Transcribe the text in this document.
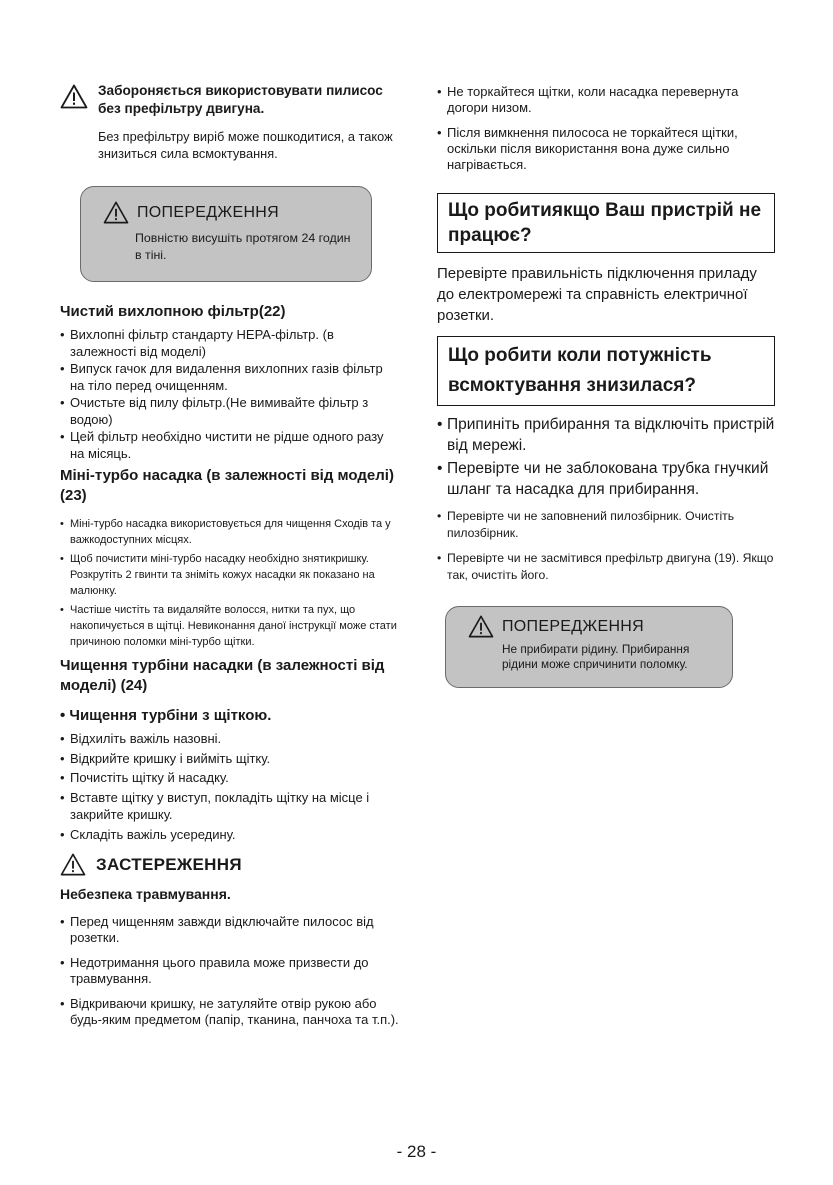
Забороняється використовувати пилисос без префільтру двигуна.
Без префільтру виріб може пошкодитися, а також знизиться сила всмоктування.
ПОПЕРЕДЖЕННЯ
Повністю висушіть протягом 24 годин в тіні.
Чистий вихлопною фільтр(22)
• Вихлопні фільтр стандарту HEPA-фільтр. (в залежності від моделі)
• Випуск гачок для видалення вихлопних газів фільтр на тіло перед очищенням.
• Очистьте від пилу фільтр.(Не вимивайте фільтр з водою)
• Цей фільтр необхідно чистити не рідше одного разу на місяць.
Міні-турбо насадка (в залежності від моделі) (23)
• Міні-турбо насадка використовується для чищення Сходів та у важкодоступних місцях.
• Щоб почистити міні-турбо насадку необхідно знятикришку. Розкрутіть 2 гвинти та зніміть кожух насадки як показано на малюнку.
• Частіше чистіть та видаляйте волосся, нитки та пух, що накопичується в щітці. Невиконання даної інструкції може стати причиною поломки міні-турбо щітки.
Чищення турбіни насадки (в залежності від моделі) (24)
• Чищення турбіни з щіткою.
• Відхиліть важіль назовні.
• Відкрийте кришку і вийміть щітку.
• Почистіть щітку й насадку.
• Вставте щітку у виступ, покладіть щітку на місце і закрийте кришку.
• Складіть важіль усередину.
ЗАСТЕРЕЖЕННЯ
Небезпека травмування.
• Перед чищенням завжди відключайте пилосос від розетки.
• Недотримання цього правила може призвести до травмування.
• Відкриваючи кришку, не затуляйте отвір рукою або будь-яким предметом (папір, тканина, панчоха та т.п.).
• Не торкайтеся щітки, коли насадка перевернута догори низом.
• Після вимкнення пилососа не торкайтеся щітки, оскільки після використання вона дуже сильно нагрівається.
Що робитиякщо Ваш пристрій не працює?
Перевірте правильність підключення приладу до електромережі та справність електричної розетки.
Що робити коли потужність всмоктування знизилася?
• Припиніть прибирання та відключіть пристрій від мережі.
• Перевірте чи не заблокована трубка гнучкий шланг та насадка для прибирання.
• Перевірте чи не заповнений пилозбірник. Очистіть пилозбірник.
• Перевірте чи не засмітився префільтр двигуна (19). Якщо так, очистіть його.
ПОПЕРЕДЖЕННЯ
Не прибирати рідину. Прибирання рідини може спричинити поломку.
- 28 -
